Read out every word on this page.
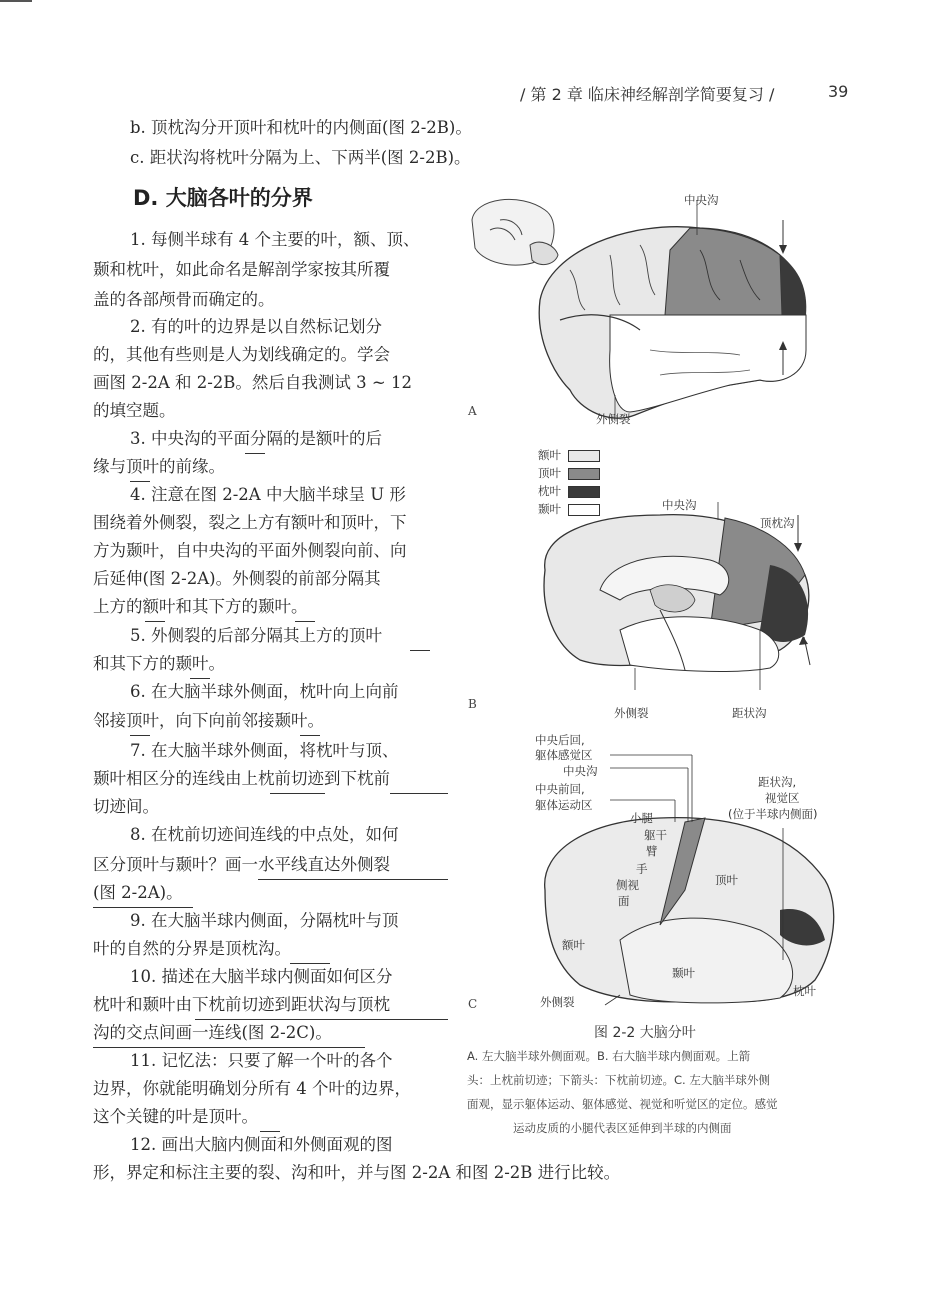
∕ 第 2 章 临床神经解剖学简要复习 ∕	39
b. 顶枕沟分开顶叶和枕叶的内侧面(图 2-2B)。
c. 距状沟将枕叶分隔为上、下两半(图 2-2B)。
D. 大脑各叶的分界
1. 每侧半球有 4 个主要的叶，额、顶、
颞和枕叶，如此命名是解剖学家按其所覆
盖的各部颅骨而确定的。
2. 有的叶的边界是以自然标记划分
的，其他有些则是人为划线确定的。学会
画图 2-2A 和 2-2B。然后自我测试 3 ~ 12
的填空题。
3. 中央沟的平面分隔的是额叶的后
缘与顶叶的前缘。
4. 注意在图 2-2A 中大脑半球呈 U 形
围绕着外侧裂，裂之上方有额叶和顶叶，下
方为颞叶，自中央沟的平面外侧裂向前、向
后延伸(图 2-2A)。外侧裂的前部分隔其
上方的额叶和其下方的颞叶。
5. 外侧裂的后部分隔其上方的顶叶
和其下方的颞叶。
6. 在大脑半球外侧面，枕叶向上向前
邻接顶叶，向下向前邻接颞叶。
7. 在大脑半球外侧面，将枕叶与顶、
颞叶相区分的连线由上枕前切迹到下枕前
切迹间。
8. 在枕前切迹间连线的中点处，如何
区分顶叶与颞叶？画一水平线直达外侧裂
(图 2-2A)。
9. 在大脑半球内侧面，分隔枕叶与顶
叶的自然的分界是顶枕沟。
10. 描述在大脑半球内侧面如何区分
枕叶和颞叶由下枕前切迹到距状沟与顶枕
沟的交点间画一连线(图 2-2C)。
11. 记忆法：只要了解一个叶的各个
边界，你就能明确划分所有 4 个叶的边界，
这个关键的叶是顶叶。
12. 画出大脑内侧面和外侧面观的图
形，界定和标注主要的裂、沟和叶，并与图 2-2A 和图 2-2B 进行比较。
中央沟
A
外侧裂
额叶
顶叶
枕叶
颞叶	中央沟
顶枕沟
B
外侧裂	距状沟
中央后回,
躯体感觉区
中央沟
中央前回,
躯体运动区
距状沟,
视觉区
(位于半球内侧面)
小腿
躯干
臂
手
侧视
面
顶叶
额叶
颞叶
枕叶
外侧裂
C
图 2-2 大脑分叶
A. 左大脑半球外侧面观。B. 右大脑半球内侧面观。上箭
头：上枕前切迹；下箭头：下枕前切迹。C. 左大脑半球外侧
面观，显示躯体运动、躯体感觉、视觉和听觉区的定位。感觉
运动皮质的小腿代表区延伸到半球的内侧面
